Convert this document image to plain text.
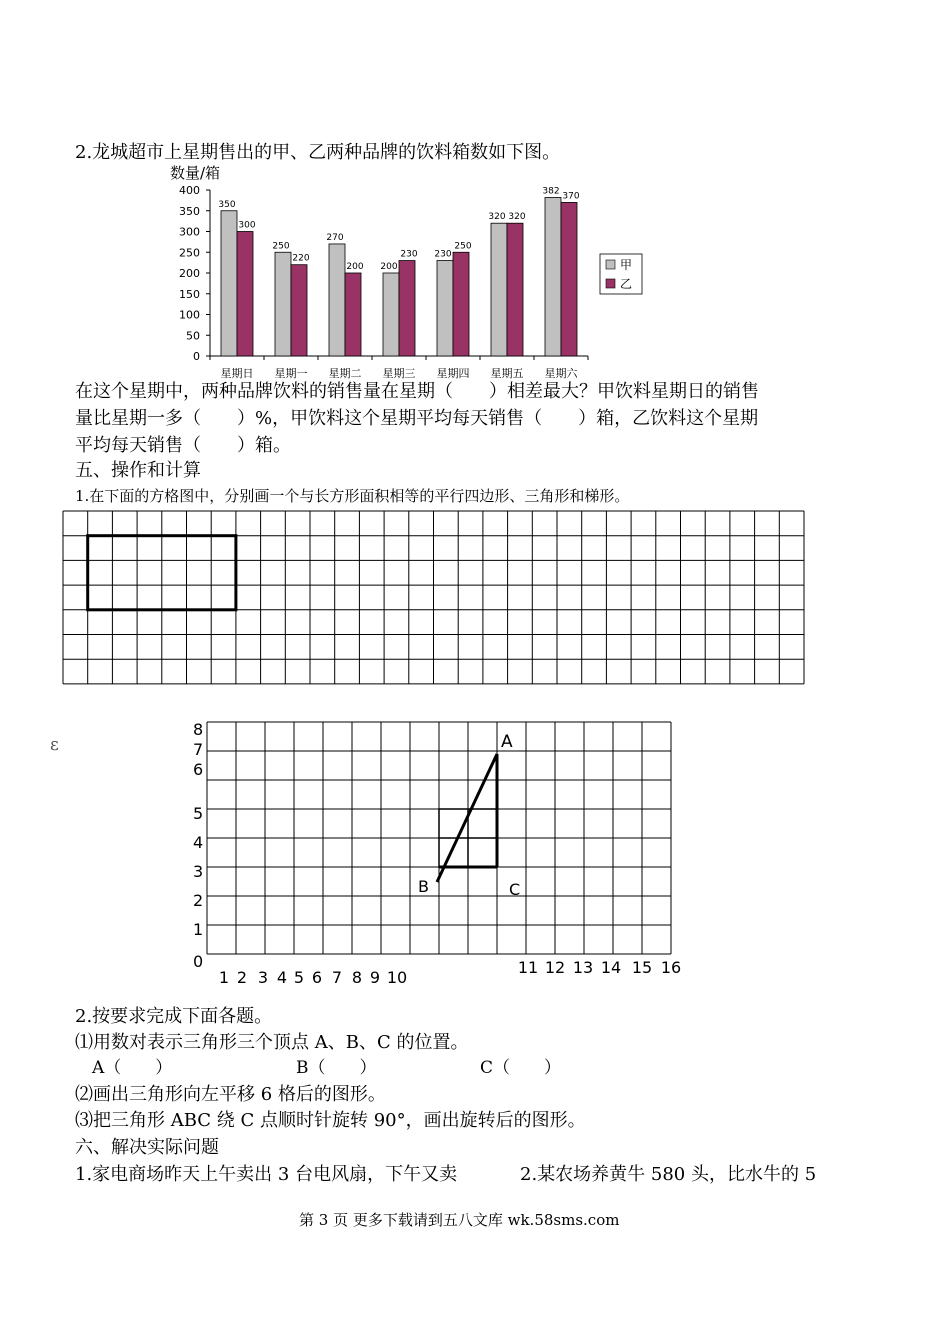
2.龙城超市上星期售出的甲、乙两种品牌的饮料箱数如下图。
数量/箱
0
50
100
150
200
250
300
350
400
星期日
350
300
星期一
250
220
星期二
270
200
星期三
200
230
星期四
230
250
星期五
320 320
星期六
382 370
甲
乙
在这个星期中，两种品牌饮料的销售量在星期（　　）相差最大？甲饮料星期日的销售
量比星期一多（　　）%，甲饮料这个星期平均每天销售（　　）箱，乙饮料这个星期
平均每天销售（　　）箱。
五、操作和计算
1.在下面的方格图中，分别画一个与长方形面积相等的平行四边形、三角形和梯形。
ε
8
7
6
5
4
3
2
1
0
1 2 3 4 5 6 7 8 9 10
11 12 13 14 15 16
A
B	C
2.按要求完成下面各题。
⑴用数对表示三角形三个顶点 A、B、C 的位置。
A（　　）	B（　　）	C（　　）
⑵画出三角形向左平移 6 格后的图形。
⑶把三角形 ABC 绕 C 点顺时针旋转 90°，画出旋转后的图形。
六、解决实际问题
1.家电商场昨天上午卖出 3 台电风扇，下午又卖	2.某农场养黄牛 580 头，比水牛的 5
第 3 页 更多下载请到五八文库 wk.58sms.com
